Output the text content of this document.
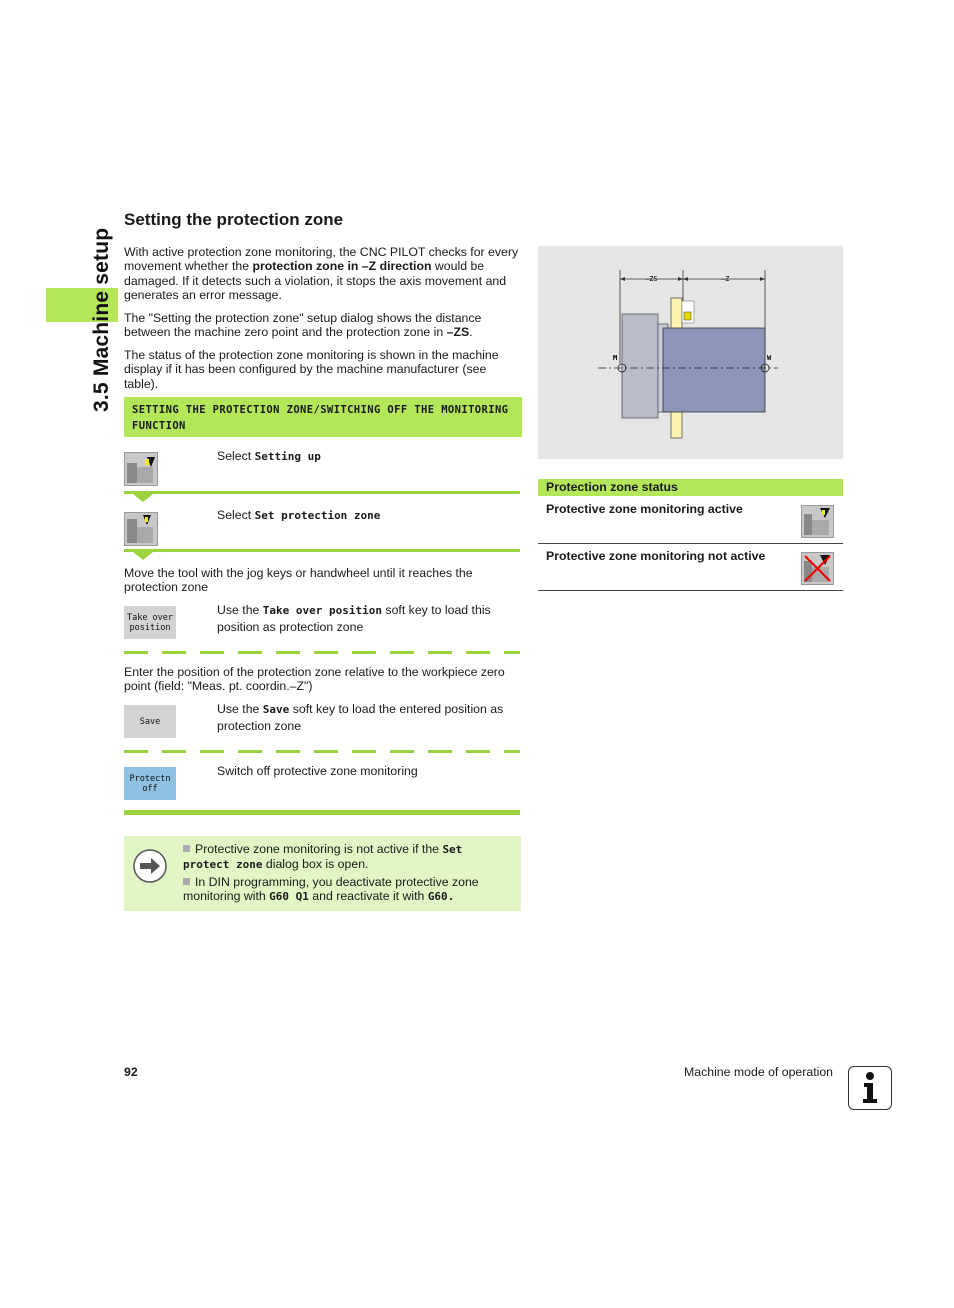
3.5 Machine setup
Setting the protection zone
With active protection zone monitoring, the CNC PILOT checks for every movement whether the protection zone in –Z direction would be damaged. If it detects such a violation, it stops the axis movement and generates an error message.
The "Setting the protection zone" setup dialog shows the distance between the machine zero point and the protection zone in –ZS.
The status of the protection zone monitoring is shown in the machine display if it has been configured by the machine manufacturer (see table).
SETTING THE PROTECTION ZONE/SWITCHING OFF THE MONITORING FUNCTION
Select Setting up
Select Set protection zone
Move the tool with the jog keys or handwheel until it reaches the protection zone
Take over
position
Use the Take over position soft key to load this position as protection zone
Enter the position of the protection zone relative to the workpiece zero point (field: "Meas. pt. coordin.–Z")
Save
Use the Save soft key to load the entered position as protection zone
Protectn
off
Switch off protective zone monitoring
Protective zone monitoring is not active if the Set protect zone dialog box is open.
In DIN programming, you deactivate protective zone monitoring with G60 Q1 and reactivate it with G60.
–ZS	–Z
M	W
Protection zone status
Protective zone monitoring active
Protective zone monitoring not active
92	Machine mode of operation
